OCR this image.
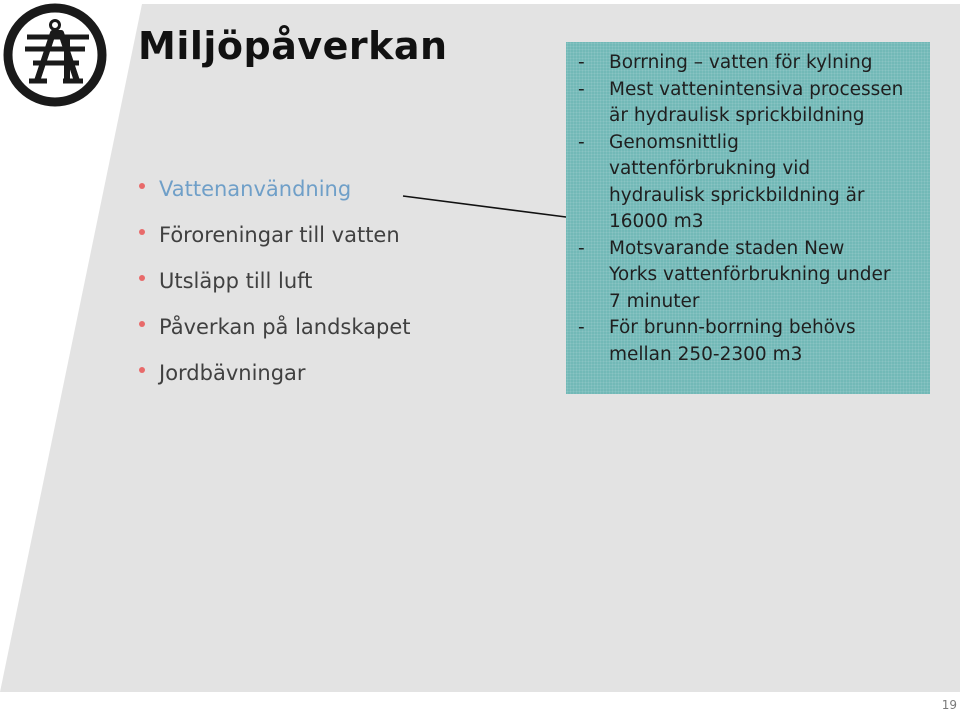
Miljöpåverkan
Vattenanvändning
Föroreningar till vatten
Utsläpp till luft
Påverkan på landskapet
Jordbävningar
- Borrning – vatten för kylning
- Mest vattenintensiva processen
är hydraulisk sprickbildning
- Genomsnittlig
vattenförbrukning vid
hydraulisk sprickbildning är
16000 m3
- Motsvarande staden New
Yorks vattenförbrukning under
7 minuter
- För brunn-borrning behövs
mellan 250-2300 m3
19
